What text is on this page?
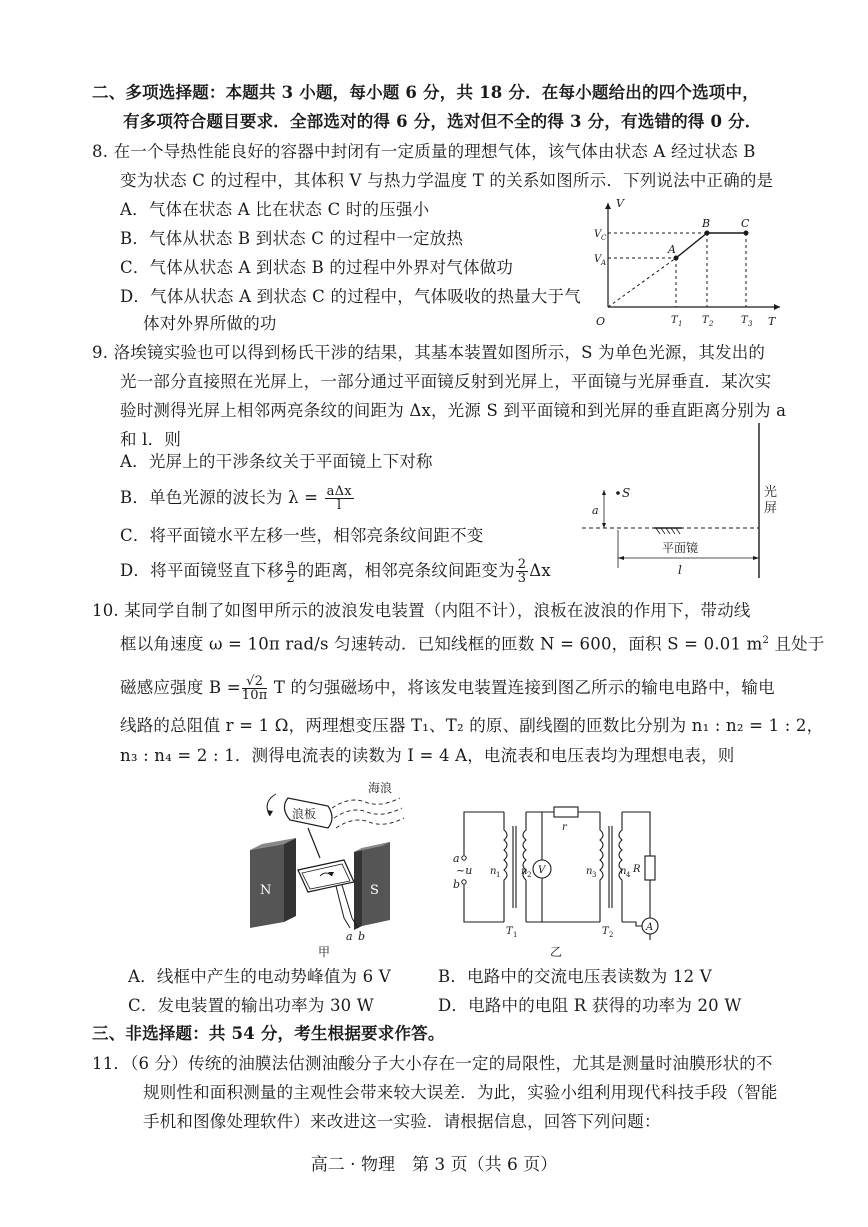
二、多项选择题：本题共 3 小题，每小题 6 分，共 18 分．在每小题给出的四个选项中，
有多项符合题目要求．全部选对的得 6 分，选对但不全的得 3 分，有选错的得 0 分．
8. 在一个导热性能良好的容器中封闭有一定质量的理想气体，该气体由状态 A 经过状态 B
变为状态 C 的过程中，其体积 V 与热力学温度 T 的关系如图所示．下列说法中正确的是
A．气体在状态 A 比在状态 C 时的压强小
B．气体从状态 B 到状态 C 的过程中一定放热
C．气体从状态 A 到状态 B 的过程中外界对气体做功
D．气体从状态 A 到状态 C 的过程中，气体吸收的热量大于气
体对外界所做的功
V
T
O
V C
V A
T 1 T 2	T 3
A
B	C
9. 洛埃镜实验也可以得到杨氏干涉的结果，其基本装置如图所示，S 为单色光源，其发出的
光一部分直接照在光屏上，一部分通过平面镜反射到光屏上，平面镜与光屏垂直．某次实
验时测得光屏上相邻两亮条纹的间距为 Δx，光源 S 到平面镜和到光屏的垂直距离分别为 a
和 l．则
A．光屏上的干涉条纹关于平面镜上下对称
B．单色光源的波长为 $\lambda = \frac{\text{aΔx}}{l}$
C．将平面镜水平左移一些，相邻亮条纹间距不变
D．将平面镜竖直下移 $\frac{a}{2}$ 的距离，相邻亮条纹间距变为 $\frac{2}{3}$ Δx
光
屏
S
a
平面镜
l
10. 某同学自制了如图甲所示的波浪发电装置（内阻不计），浪板在波浪的作用下，带动线
框以角速度 ω = 10π rad/s 匀速转动．已知线框的匝数 N = 600，面积 S = 0.01 $m^2$ 且处于
磁感应强度 $B = \frac{√2}{10\pi}$ T 的匀强磁场中，将该发电装置连接到图乙所示的输电电路中，输电
线路的总阻值 r = 1 Ω，两理想变压器 T₁、T₂ 的原、副线圈的匝数比分别为 n₁ : n₂ = 1 : 2，
n₃ : n₄ = 2 : 1．测得电流表的读数为 I = 4 A，电流表和电压表均为理想电表，则
浪板
海浪
N	S
a b
甲
a
~u
b
n 1 n 2	n 3 n 4
V
A
r
R
T 1	T 2
乙
A．线框中产生的电动势峰值为 6 V	B．电路中的交流电压表读数为 12 V
C．发电装置的输出功率为 30 W	D．电路中的电阻 R 获得的功率为 20 W
三、非选择题：共 54 分，考生根据要求作答。
11．（6 分）传统的油膜法估测油酸分子大小存在一定的局限性，尤其是测量时油膜形状的不
规则性和面积测量的主观性会带来较大误差．为此，实验小组利用现代科技手段（智能
手机和图像处理软件）来改进这一实验．请根据信息，回答下列问题：
高二 · 物理　第 3 页（共 6 页）
